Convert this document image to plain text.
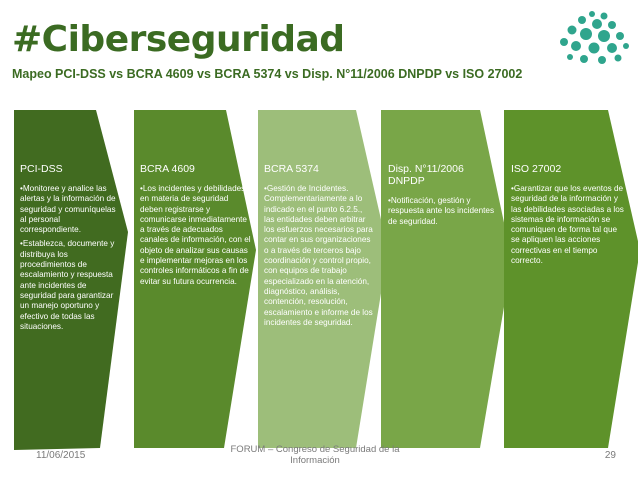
#Ciberseguridad
Mapeo PCI-DSS vs BCRA 4609 vs BCRA 5374 vs Disp. N°11/2006 DNPDP vs ISO 27002
PCI-DSS

•Monitoree y analice las alertas y la información de seguridad y comuníquelas al personal correspondiente.

•Establezca, documente y distribuya los procedimientos de escalamiento y respuesta ante incidentes de seguridad para garantizar un manejo oportuno y efectivo de todas las situaciones.

BCRA 4609

•Los incidentes y debilidades en materia de seguridad deben registrarse y comunicarse inmediatamente a través de adecuados canales de información, con el objeto de analizar sus causas e implementar mejoras en los controles informáticos a fin de evitar su futura ocurrencia.

BCRA 5374

•Gestión de Incidentes. Complementariamente a lo indicado en el punto 6.2.5., las entidades deben arbitrar los esfuerzos necesarios para contar en sus organizaciones o a través de terceros bajo coordinación y control propio, con equipos de trabajo especializado en la atención, diagnóstico, análisis, contención, resolución, escalamiento e informe de los incidentes de seguridad.

Disp. N°11/2006 DNPDP

•Notificación, gestión y respuesta ante los incidentes de seguridad.

ISO 27002

•Garantizar que los eventos de seguridad de la información y las debilidades asociadas a los sistemas de información se comuniquen de forma tal que se apliquen las acciones correctivas en el tiempo correcto.

11/06/2015
FORUM – Congreso de Seguridad de la Información	29
